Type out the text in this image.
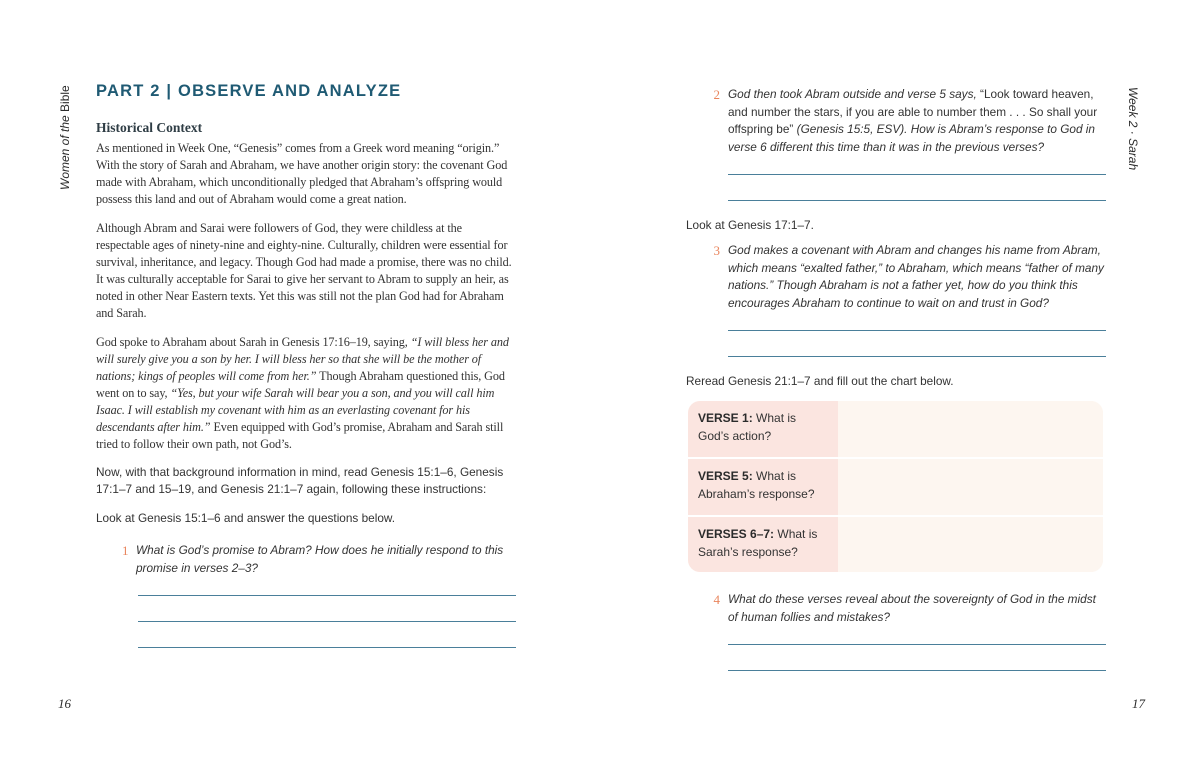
Women of the Bible	Week 2 · Sarah
16	17
PART 2 | OBSERVE AND ANALYZE
Historical Context

As mentioned in Week One, “Genesis” comes from a Greek word meaning “origin.” With the story of Sarah and Abraham, we have another origin story: the covenant God made with Abraham, which unconditionally pledged that Abraham’s offspring would possess this land and out of Abraham would come a great nation.

Although Abram and Sarai were followers of God, they were childless at the respectable ages of ninety-nine and eighty-nine. Culturally, children were essential for survival, inheritance, and legacy. Though God had made a promise, there was no child. It was culturally acceptable for Sarai to give her servant to Abram to supply an heir, as noted in other Near Eastern texts. Yet this was still not the plan God had for Abraham and Sarah.

God spoke to Abraham about Sarah in Genesis 17:16–19, saying, “I will bless her and will surely give you a son by her. I will bless her so that she will be the mother of nations; kings of peoples will come from her.” Though Abraham questioned this, God went on to say, “Yes, but your wife Sarah will bear you a son, and you will call him Isaac. I will establish my covenant with him as an everlasting covenant for his descendants after him.” Even equipped with God’s promise, Abraham and Sarah still tried to follow their own path, not God’s.

Now, with that background information in mind, read Genesis 15:1–6, Genesis 17:1–7 and 15–19, and Genesis 21:1–7 again, following these instructions:

Look at Genesis 15:1–6 and answer the questions below.

1 What is God’s promise to Abram? How does he initially respond to this promise in verses 2–3?
2 God then took Abram outside and verse 5 says, “Look toward heaven, and number the stars, if you are able to number them . . . So shall your offspring be” (Genesis 15:5, ESV). How is Abram’s response to God in verse 6 different this time than it was in the previous verses?

Look at Genesis 17:1–7.

3 God makes a covenant with Abram and changes his name from Abram, which means “exalted father,” to Abraham, which means “father of many nations.” Though Abraham is not a father yet, how do you think this encourages Abraham to continue to wait on and trust in God?

Reread Genesis 21:1–7 and fill out the chart below.

VERSE 1: What is God’s action?
VERSE 5: What is Abraham’s response?
VERSES 6–7: What is Sarah’s response?
4 What do these verses reveal about the sovereignty of God in the midst of human follies and mistakes?
